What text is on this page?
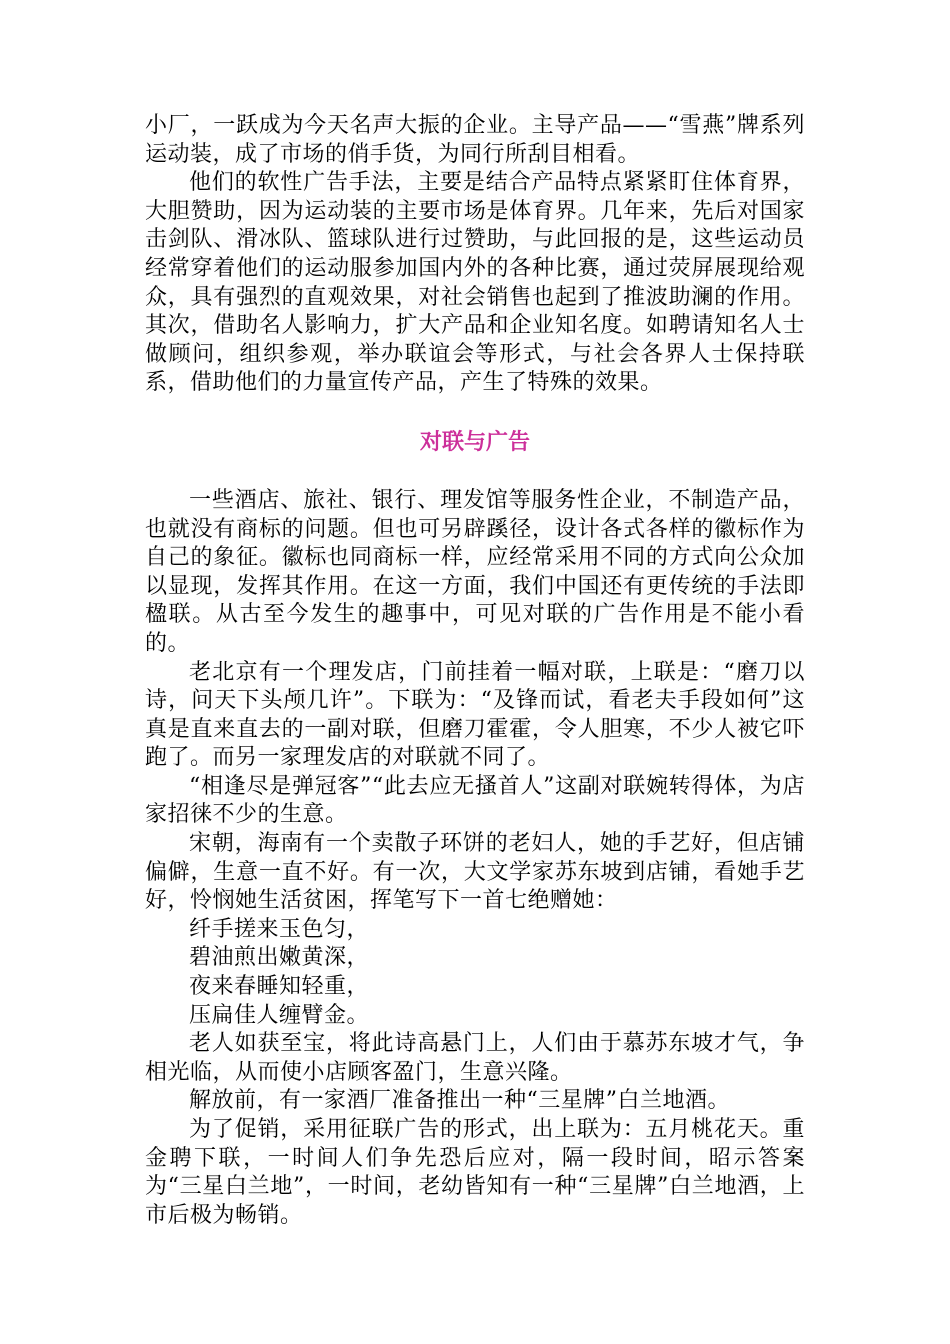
小厂，一跃成为今天名声大振的企业。主导产品——“雪燕”牌系列运动装，成了市场的俏手货，为同行所刮目相看。

他们的软性广告手法，主要是结合产品特点紧紧盯住体育界，大胆赞助，因为运动装的主要市场是体育界。几年来，先后对国家击剑队、滑冰队、篮球队进行过赞助，与此回报的是，这些运动员经常穿着他们的运动服参加国内外的各种比赛，通过荧屏展现给观众，具有强烈的直观效果，对社会销售也起到了推波助澜的作用。其次，借助名人影响力，扩大产品和企业知名度。如聘请知名人士做顾问，组织参观，举办联谊会等形式，与社会各界人士保持联系，借助他们的力量宣传产品，产生了特殊的效果。

对联与广告

一些酒店、旅社、银行、理发馆等服务性企业，不制造产品，也就没有商标的问题。但也可另辟蹊径，设计各式各样的徽标作为自己的象征。徽标也同商标一样，应经常采用不同的方式向公众加以显现，发挥其作用。在这一方面，我们中国还有更传统的手法即楹联。从古至今发生的趣事中，可见对联的广告作用是不能小看的。

老北京有一个理发店，门前挂着一幅对联，上联是：“磨刀以诗，问天下头颅几许”。下联为：“及锋而试，看老夫手段如何”这真是直来直去的一副对联，但磨刀霍霍，令人胆寒，不少人被它吓跑了。而另一家理发店的对联就不同了。

“相逢尽是弹冠客”“此去应无搔首人”这副对联婉转得体，为店家招徕不少的生意。

宋朝，海南有一个卖散子环饼的老妇人，她的手艺好，但店铺偏僻，生意一直不好。有一次，大文学家苏东坡到店铺，看她手艺好，怜悯她生活贫困，挥笔写下一首七绝赠她：

纤手搓来玉色匀，

碧油煎出嫩黄深，

夜来春睡知轻重，

压扁佳人缠臂金。

老人如获至宝，将此诗高悬门上，人们由于慕苏东坡才气，争相光临，从而使小店顾客盈门，生意兴隆。

解放前，有一家酒厂准备推出一种“三星牌”白兰地酒。

为了促销，采用征联广告的形式，出上联为：五月桃花天。重金聘下联，一时间人们争先恐后应对，隔一段时间，昭示答案为“三星白兰地”，一时间，老幼皆知有一种“三星牌”白兰地酒，上市后极为畅销。
